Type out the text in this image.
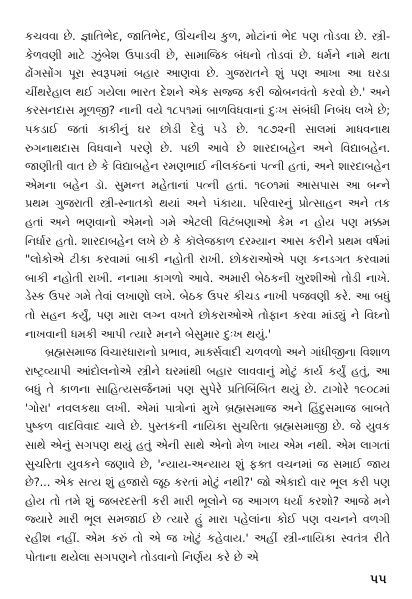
કચવવા છે. જ્ઞાતિભેદ, જાતિભેદ, ઊંચનીચ કુળ, મોટાંનાં ભેદ પણ તોડવા છે. સ્ત્રી-કેળવણી માટે ઝુંબેશ ઉપાડવી છે, સામાજિક બંધનો તોડવાં છે. ધર્મને નામે થતા ઢોંગસોંગ પૂરા સ્વરૂપમાં બહાર આણવા છે. ગુજરાતને શું પણ આખા આ ઘરડા ચીંથરેહાલ થઈ ગયેલા ભારત દેશને એક સજ્જ કરી જોબનવંતો કરવો છે.' અને કરસનદાસ મૂળજી? નાની વયે ૧૮૫૧માં બાળવિધવાનાં દુઃખ સંબંધી નિબંધ લખે છે; પકડાઈ જતાં કાકીનું ઘર છોડી દેવું પડે છે. ૧૮૭૨ની સાલમાં માધવનાથ રુગનાથદાસ વિધવાને પરણે છે. પછી આવે છે શારદાબહેન અને વિદ્યાબહેન. જાણીતી વાત છે કે વિદ્યાબહેન રમણભાઈ નીલકંઠનાં પત્ની હતાં, અને શારદાબહેન એમના બહેન ડૉ. સુમન્ત મહેતાનાં પત્ની હતાં. ૧૯૦૧માં આસપાસ આ બન્ને પ્રથમ ગુજરાતી સ્ત્રી-સ્નાતકો થયાં અને પંકાયા. પરિવારનું પ્રોત્સાહન અને તક હતાં અને ભણવાનો એમનો ગમે એટલી વિટંબણાઓ કેમ ન હોય પણ મક્કમ નિર્ધાર હતો. શારદાબહેન લખે છે કે કૉલેજકાળ દરમ્યાન આસ કરીને પ્રથમ વર્ષમાં "લોકોએ ટીકા કરવામાં બાકી નહોતી રાખી. છોકરાઓએ પણ કનડગત કરવામાં બાકી નહોતી રાખી. નનામા કાગળો આવે. અમારી બેઠકની ખુરશીઓ તોડી નાખે. ડેસ્ક ઉપર ગમે તેવાં લખાણો લખે. બેઠક ઉપર કીચડ નાખી પજવણી કરે. આ બધું તો સહન કર્યું, પણ મારા લગ્ન વખતે છોકરાઓએ તોફાન કરવા માંડ્યું ને વિઘ્નો નાખવાની ધમકી આપી ત્યારે મનને બેસુમાર દુઃખ થયું.'

બ્રહ્મસમાજ વિચારધારાનો પ્રભાવ, માર્ક્સવાદી ચળવળો અને ગાંધીજીના વિશાળ રાષ્ટ્રવ્યાપી આંદોલનોએ સ્ત્રીને ઘરમાંથી બહાર લાવવાનું મોટું કાર્ય કર્યું હતું, આ બધું તે કાળના સાહિત્યસર્જનમાં પણ સુપેરે પ્રતિબિંબિત થયું છે. ટાગોરે ૧૯૦૮માં 'ગોરા' નવલકથા લખી. એમાં પાત્રોનાં મુખે બ્રહ્મસમાજ અને હિંદુસમાજ બાબતે પુષ્કળ વાદવિવાદ ચાલે છે. પુસ્તકની નાયિકા સુચરિતા બ્રહ્મસમાજી છે. જે યુવક સાથે એનું સગપણ થયું હતું એની સાથે એનો મેળ ખાય એમ નથી. એમ લાગતાં સુચરિતા યુવકને જણાવે છે, 'ન્યાય-અન્યાય શું ફક્ત વચનમાં જ સમાઈ જાય છે?... એક સત્ય શું હજારો જૂઠ કરતાં મોટું નથી?' જો એકાદો વાર ભૂલ કરી પણ હોય તો તમે શું જબરદસ્તી કરી મારી ભૂલોને જ આગળ ધર્યા કરશો? આજે મને જ્યારે મારી ભૂલ સમજાઈ છે ત્યારે હું મારા પહેલાંના કોઈ પણ વચનને વળગી રહીશ નહીં. એમ કરું તો એ જ ખોટું કહેવાય.' અહીં સ્ત્રી-નાયિકા સ્વતંત્ર રીતે પોતાના થયેલા સગપણને તોડવાનો નિર્ણય કરે છે એ

૫૫
